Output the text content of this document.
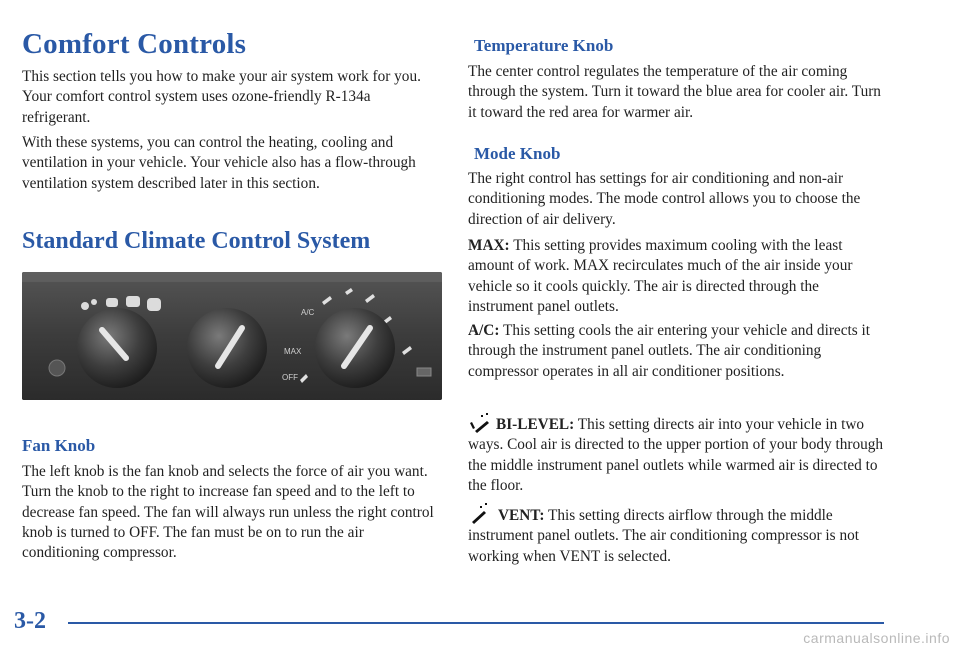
Comfort Controls

This section tells you how to make your air system work for you. Your comfort control system uses ozone-friendly R-134a refrigerant.

With these systems, you can control the heating, cooling and ventilation in your vehicle. Your vehicle also has a flow-through ventilation system described later in this section.

Standard Climate Control System
A/C
MAX
OFF
Fan Knob

The left knob is the fan knob and selects the force of air you want. Turn the knob to the right to increase fan speed and to the left to decrease fan speed. The fan will always run unless the right control knob is turned to OFF. The fan must be on to run the air conditioning compressor.

Temperature Knob

The center control regulates the temperature of the air coming through the system. Turn it toward the blue area for cooler air. Turn it toward the red area for warmer air.

Mode Knob

The right control has settings for air conditioning and non-air conditioning modes. The mode control allows you to choose the direction of air delivery.

MAX: This setting provides maximum cooling with the least amount of work. MAX recirculates much of the air inside your vehicle so it cools quickly. The air is directed through the instrument panel outlets.

A/C: This setting cools the air entering your vehicle and directs it through the instrument panel outlets. The air conditioning compressor operates in all air conditioner positions.

BI-LEVEL: This setting directs air into your vehicle in two ways. Cool air is directed to the upper portion of your body through the middle instrument panel outlets while warmed air is directed to the floor.

VENT: This setting directs airflow through the middle instrument panel outlets. The air conditioning compressor is not working when VENT is selected.

3-2
carmanualsonline.info
